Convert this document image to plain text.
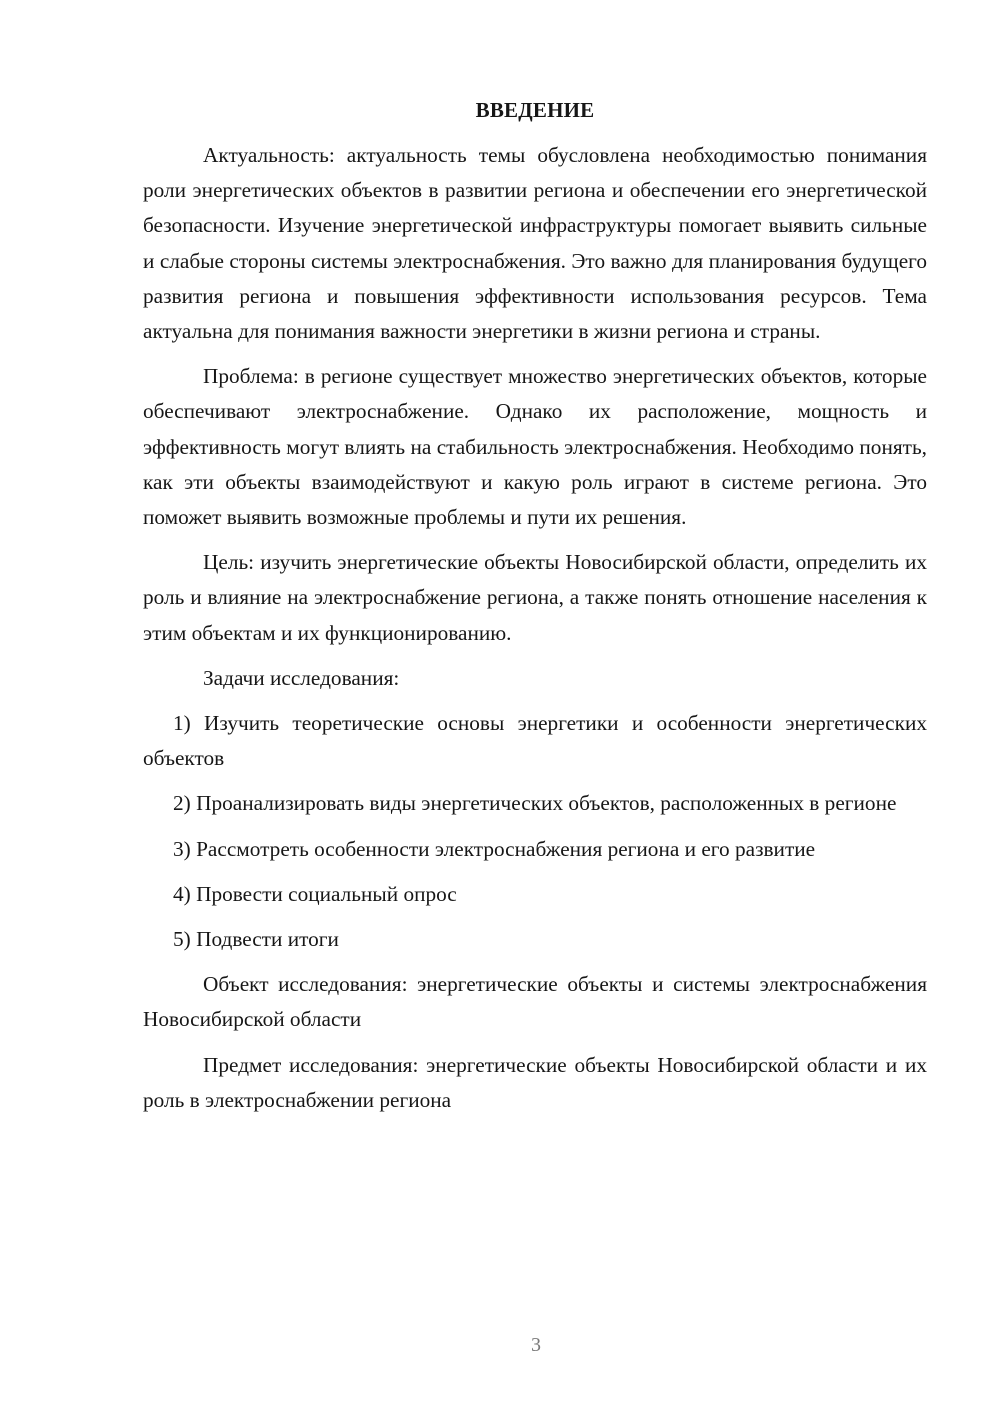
ВВЕДЕНИЕ

Актуальность: актуальность темы обусловлена необходимостью понимания роли энергетических объектов в развитии региона и обеспечении его энергетической безопасности. Изучение энергетической инфраструктуры помогает выявить сильные и слабые стороны системы электроснабжения. Это важно для планирования будущего развития региона и повышения эффективности использования ресурсов. Тема актуальна для понимания важности энергетики в жизни региона и страны.

Проблема: в регионе существует множество энергетических объектов, которые обеспечивают электроснабжение. Однако их расположение, мощность и эффективность могут влиять на стабильность электроснабжения. Необходимо понять, как эти объекты взаимодействуют и какую роль играют в системе региона. Это поможет выявить возможные проблемы и пути их решения.

Цель: изучить энергетические объекты Новосибирской области, определить их роль и влияние на электроснабжение региона, а также понять отношение населения к этим объектам и их функционированию.

Задачи исследования:

1) Изучить теоретические основы энергетики и особенности энергетических объектов

2) Проанализировать виды энергетических объектов, расположенных в регионе

3) Рассмотреть особенности электроснабжения региона и его развитие

4) Провести социальный опрос

5) Подвести итоги

Объект исследования: энергетические объекты и системы электроснабжения Новосибирской области

Предмет исследования: энергетические объекты Новосибирской области и их роль в электроснабжении региона

3
